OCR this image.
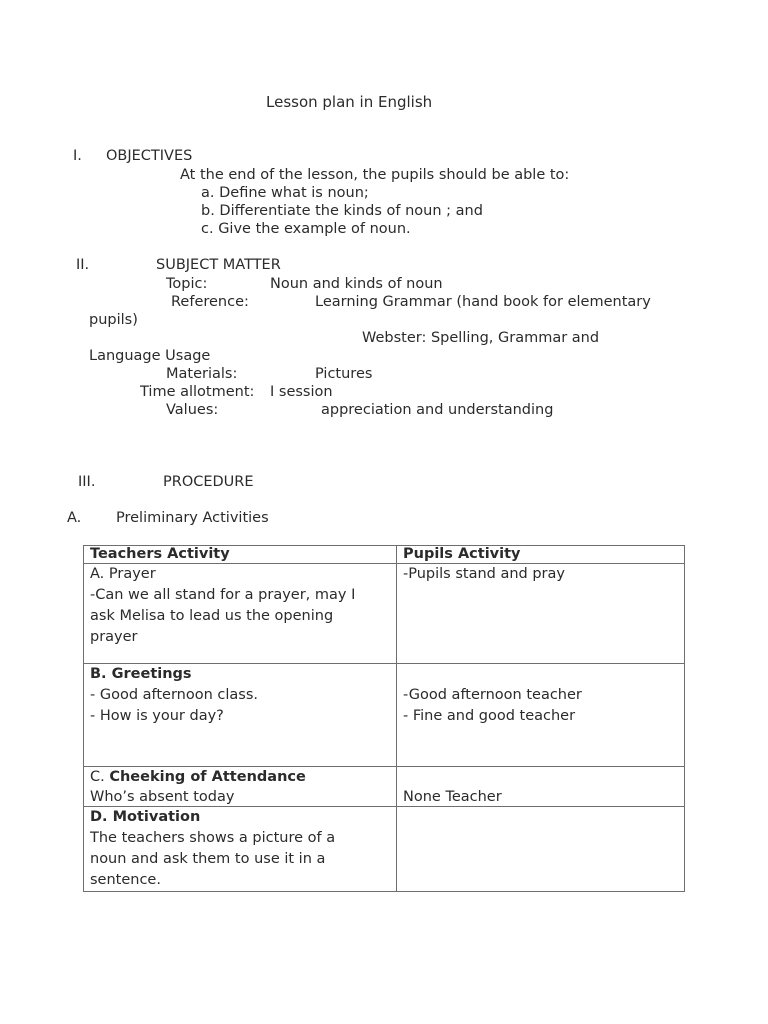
Lesson plan in English
I. OBJECTIVES
At the end of the lesson, the pupils should be able to:
a. Define what is noun;
b. Differentiate the kinds of noun ; and
c. Give the example of noun.
II.	SUBJECT MATTER
Topic:	Noun and kinds of noun
Reference:	Learning Grammar (hand book for elementary
pupils)
Webster: Spelling, Grammar and
Language Usage
Materials:	Pictures
Time allotment: I session
Values:	appreciation and understanding
III.	PROCEDURE
A. Preliminary Activities
Teachers Activity	Pupils Activity

A. Prayer
-Can we all stand for a prayer, may I
ask Melisa to lead us the opening
prayer	-Pupils stand and pray

B. Greetings
- Good afternoon class.
- How is your day?	-Good afternoon teacher
- Fine and good teacher

C. Cheeking of Attendance
Who’s absent today	None Teacher

D. Motivation
The teachers shows a picture of a
noun and ask them to use it in a
sentence.	
